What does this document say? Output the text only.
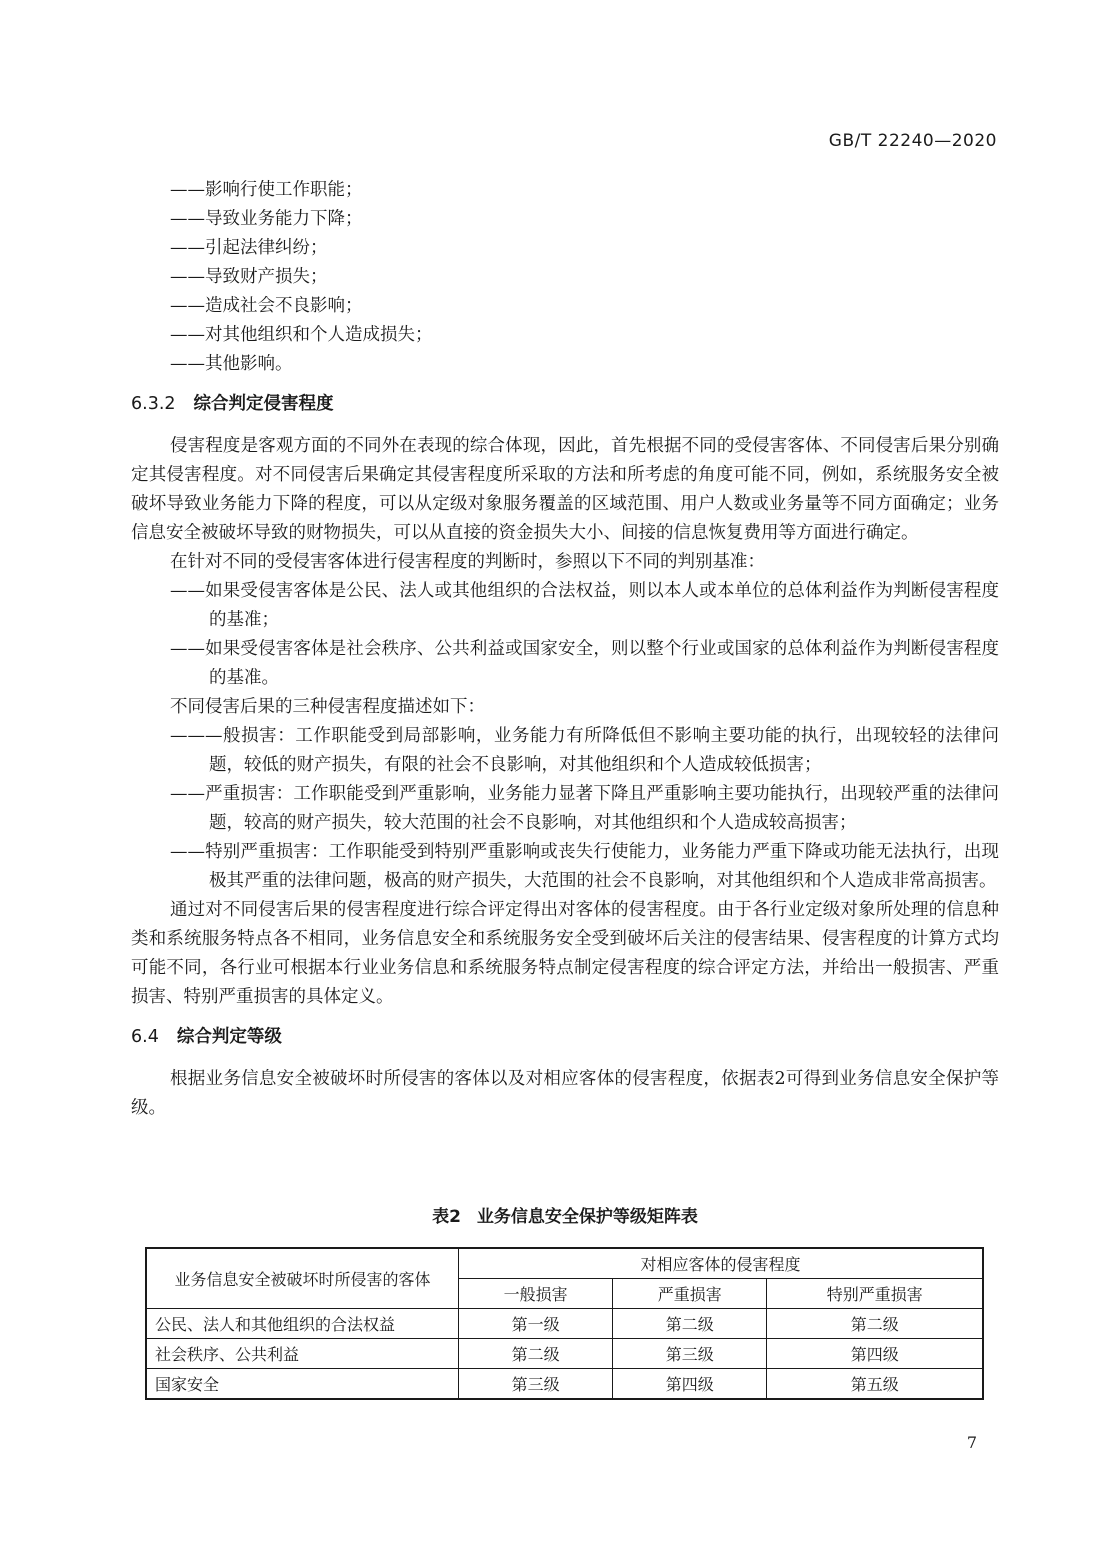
GB/T 22240—2020

——影响行使工作职能；

——导致业务能力下降；

——引起法律纠纷；

——导致财产损失；

——造成社会不良影响；

——对其他组织和个人造成损失；

——其他影响。

6.3.2 综合判定侵害程度

侵害程度是客观方面的不同外在表现的综合体现，因此，首先根据不同的受侵害客体、不同侵害后果分别确定其侵害程度。对不同侵害后果确定其侵害程度所采取的方法和所考虑的角度可能不同，例如，系统服务安全被破坏导致业务能力下降的程度，可以从定级对象服务覆盖的区域范围、用户人数或业务量等不同方面确定；业务信息安全被破坏导致的财物损失，可以从直接的资金损失大小、间接的信息恢复费用等方面进行确定。

在针对不同的受侵害客体进行侵害程度的判断时，参照以下不同的判别基准：

——如果受侵害客体是公民、法人或其他组织的合法权益，则以本人或本单位的总体利益作为判断侵害程度的基准；

——如果受侵害客体是社会秩序、公共利益或国家安全，则以整个行业或国家的总体利益作为判断侵害程度的基准。

不同侵害后果的三种侵害程度描述如下：

———般损害：工作职能受到局部影响，业务能力有所降低但不影响主要功能的执行，出现较轻的法律问题，较低的财产损失，有限的社会不良影响，对其他组织和个人造成较低损害；

——严重损害：工作职能受到严重影响，业务能力显著下降且严重影响主要功能执行，出现较严重的法律问题，较高的财产损失，较大范围的社会不良影响，对其他组织和个人造成较高损害；

——特别严重损害：工作职能受到特别严重影响或丧失行使能力，业务能力严重下降或功能无法执行，出现极其严重的法律问题，极高的财产损失，大范围的社会不良影响，对其他组织和个人造成非常高损害。

通过对不同侵害后果的侵害程度进行综合评定得出对客体的侵害程度。由于各行业定级对象所处理的信息种类和系统服务特点各不相同，业务信息安全和系统服务安全受到破坏后关注的侵害结果、侵害程度的计算方式均可能不同，各行业可根据本行业业务信息和系统服务特点制定侵害程度的综合评定方法，并给出一般损害、严重损害、特别严重损害的具体定义。

6.4 综合判定等级

根据业务信息安全被破坏时所侵害的客体以及对相应客体的侵害程度，依据表2可得到业务信息安全保护等级。

表2 业务信息安全保护等级矩阵表

业务信息安全被破坏时所侵害的客体	对相应客体的侵害程度		
	一般损害	严重损害	特别严重损害
公民、法人和其他组织的合法权益	第一级	第二级	第二级
社会秩序、公共利益	第二级	第三级	第四级
国家安全	第三级	第四级	第五级
7
